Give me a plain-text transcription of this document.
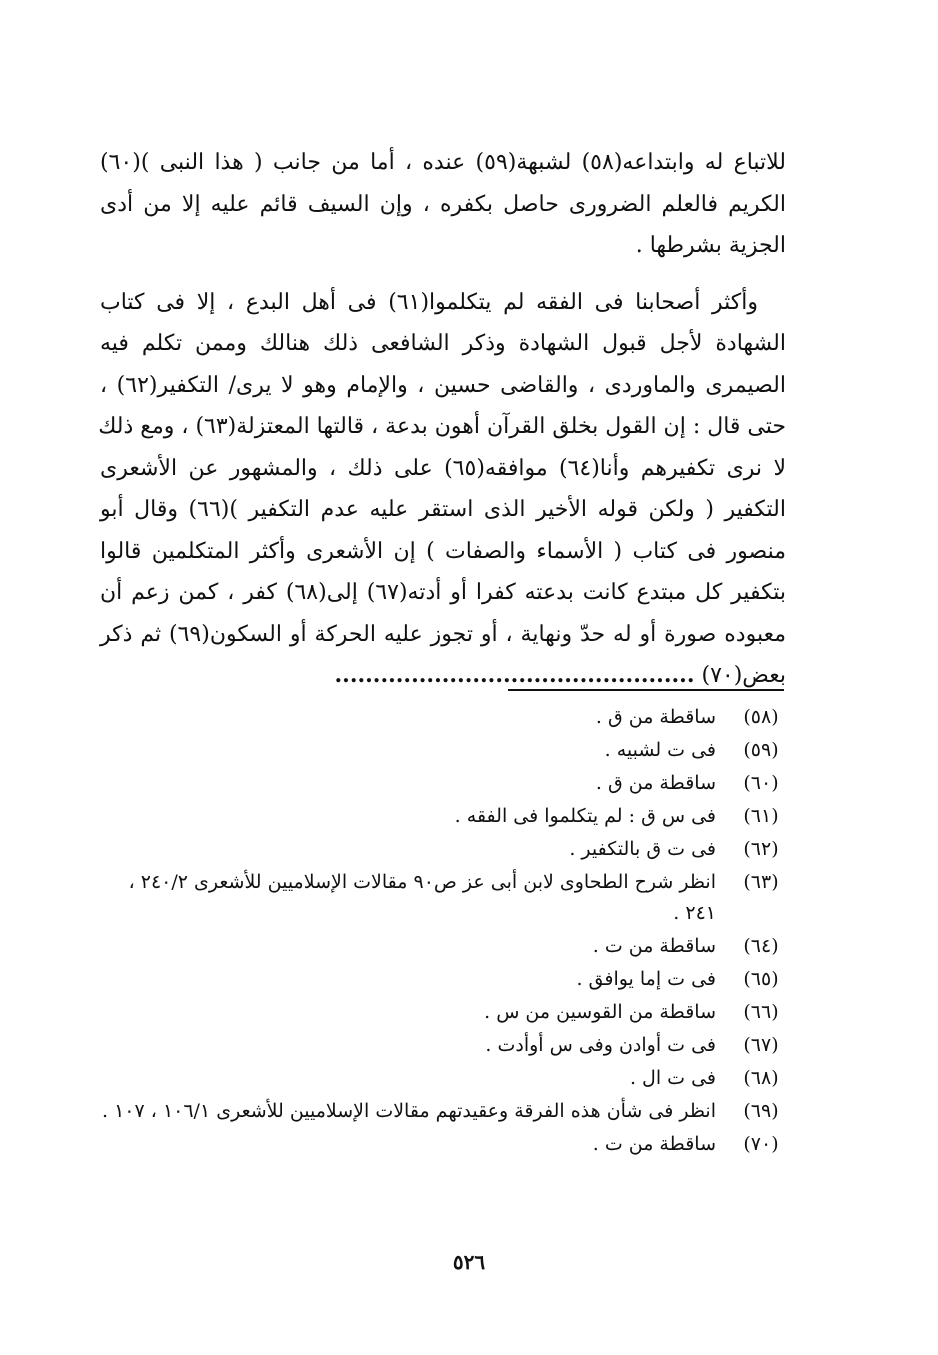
للاتباع له وابتداعه(٥٨) لشبهة(٥٩) عنده ، أما من جانب ( هذا النبى )(٦٠)
الكريم فالعلم الضرورى حاصل بكفره ، وإن السيف قائم عليه إلا من أدى
الجزية بشرطها .
وأكثر أصحابنا فى الفقه لم يتكلموا(٦١) فى أهل البدع ، إلا فى كتاب
الشهادة لأجل قبول الشهادة وذكر الشافعى ذلك هنالك وممن تكلم فيه
الصيمرى والماوردى ، والقاضى حسين ، والإمام وهو لا يرى/ التكفير(٦٢) ،
حتى قال : إن القول بخلق القرآن أهون بدعة ، قالتها المعتزلة(٦٣) ، ومع ذلك
لا نرى تكفيرهم وأنا(٦٤) موافقه(٦٥) على ذلك ، والمشهور عن الأشعرى
التكفير ( ولكن قوله الأخير الذى استقر عليه عدم التكفير )(٦٦) وقال أبو
منصور فى كتاب ( الأسماء والصفات ) إن الأشعرى وأكثر المتكلمين قالوا
بتكفير كل مبتدع كانت بدعته كفرا أو أدته(٦٧) إلى(٦٨) كفر ، كمن زعم أن
معبوده صورة أو له حدّ ونهاية ، أو تجوز عليه الحركة أو السكون(٦٩) ثم ذكر
بعض(٧٠) ...............................................
(٥٨)
ساقطة من ق .
(٥٩)
فى ت لشبيه .
(٦٠)
ساقطة من ق .
(٦١)
فى س ق : لم يتكلموا فى الفقه .
(٦٢)
فى ت ق بالتكفير .
(٦٣)
انظر شرح الطحاوى لابن أبى عز ص٩٠ مقالات الإسلاميين للأشعرى ٢٤٠/٢ ، ٢٤١ .
(٦٤)
ساقطة من ت .
(٦٥)
فى ت إما يوافق .
(٦٦)
ساقطة من القوسين من س .
(٦٧)
فى ت أوادن وفى س أوأدت .
(٦٨)
فى ت ال .
(٦٩)
انظر فى شأن هذه الفرقة وعقيدتهم مقالات الإسلاميين للأشعرى ١٠٦/١ ، ١٠٧ .
(٧٠)
ساقطة من ت .
٥٢٦
